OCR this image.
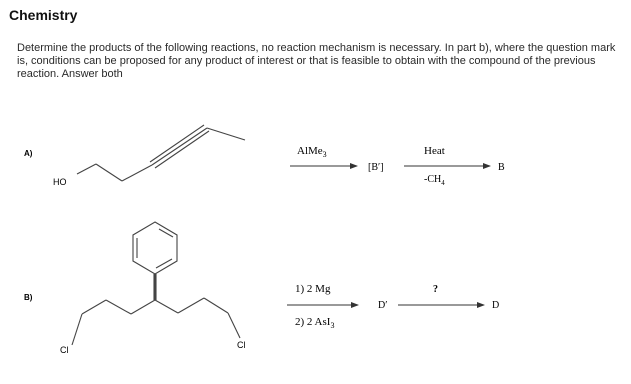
Chemistry
Determine the products of the following reactions, no reaction mechanism is necessary. In part b), where the question mark is, conditions can be proposed for any product of interest or that is feasible to obtain with the compound of the previous reaction. Answer both
A)
HO
AlMe$_3$
[B′]
Heat
$-CH_4$
B
B)
Cl	Cl
1) 2 Mg
2) 2 AsI$_3$
D′
?
D
